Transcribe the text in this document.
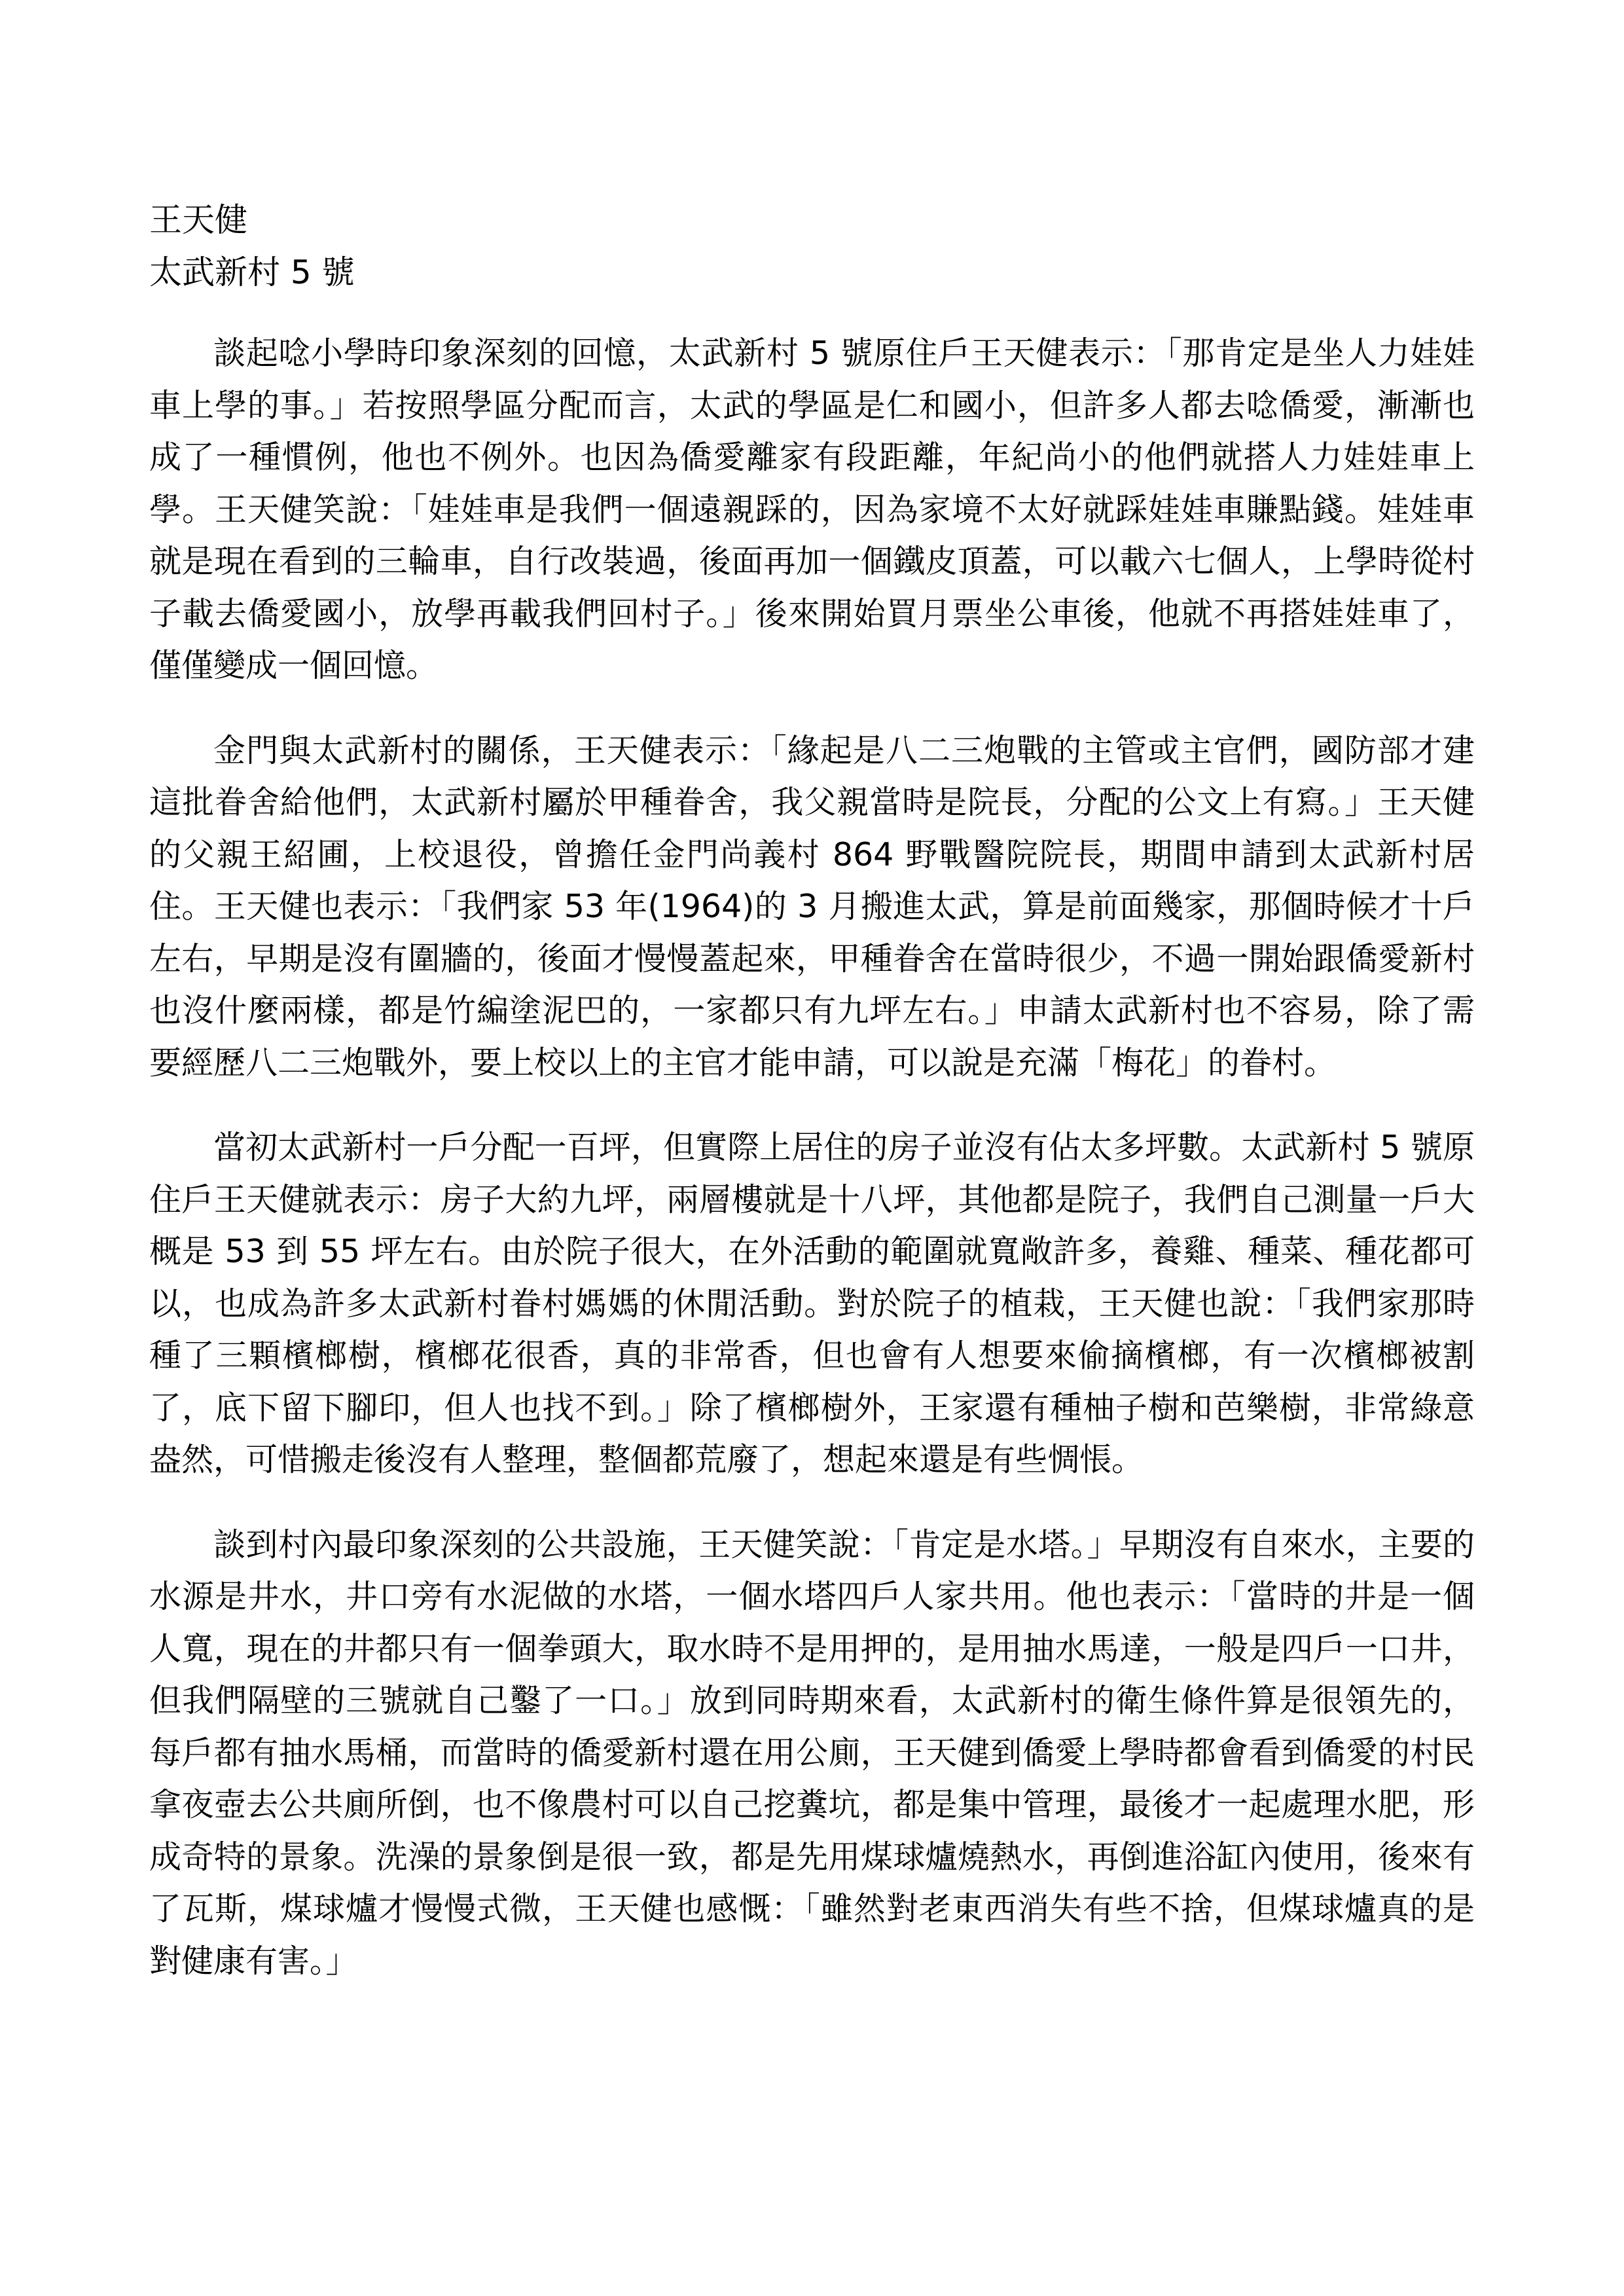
王天健

太武新村 5 號

談起唸小學時印象深刻的回憶，太武新村 5 號原住戶王天健表示：「那肯定是坐人力娃娃車上學的事。」若按照學區分配而言，太武的學區是仁和國小，但許多人都去唸僑愛，漸漸也成了一種慣例，他也不例外。也因為僑愛離家有段距離，年紀尚小的他們就搭人力娃娃車上學。王天健笑說：「娃娃車是我們一個遠親踩的，因為家境不太好就踩娃娃車賺點錢。娃娃車就是現在看到的三輪車，自行改裝過，後面再加一個鐵皮頂蓋，可以載六七個人，上學時從村子載去僑愛國小，放學再載我們回村子。」後來開始買月票坐公車後，他就不再搭娃娃車了，僅僅變成一個回憶。

金門與太武新村的關係，王天健表示：「緣起是八二三炮戰的主管或主官們，國防部才建這批眷舍給他們，太武新村屬於甲種眷舍，我父親當時是院長，分配的公文上有寫。」王天健的父親王紹圃，上校退役，曾擔任金門尚義村 864 野戰醫院院長，期間申請到太武新村居住。王天健也表示：「我們家 53 年(1964)的 3 月搬進太武，算是前面幾家，那個時候才十戶左右，早期是沒有圍牆的，後面才慢慢蓋起來，甲種眷舍在當時很少，不過一開始跟僑愛新村也沒什麼兩樣，都是竹編塗泥巴的，一家都只有九坪左右。」申請太武新村也不容易，除了需要經歷八二三炮戰外，要上校以上的主官才能申請，可以說是充滿「梅花」的眷村。

當初太武新村一戶分配一百坪，但實際上居住的房子並沒有佔太多坪數。太武新村 5 號原住戶王天健就表示：房子大約九坪，兩層樓就是十八坪，其他都是院子，我們自己測量一戶大概是 53 到 55 坪左右。由於院子很大，在外活動的範圍就寬敞許多，養雞、種菜、種花都可以，也成為許多太武新村眷村媽媽的休閒活動。對於院子的植栽，王天健也說：「我們家那時種了三顆檳榔樹，檳榔花很香，真的非常香，但也會有人想要來偷摘檳榔，有一次檳榔被割了，底下留下腳印，但人也找不到。」除了檳榔樹外，王家還有種柚子樹和芭樂樹，非常綠意盎然，可惜搬走後沒有人整理，整個都荒廢了，想起來還是有些惆悵。

談到村內最印象深刻的公共設施，王天健笑說：「肯定是水塔。」早期沒有自來水，主要的水源是井水，井口旁有水泥做的水塔，一個水塔四戶人家共用。他也表示：「當時的井是一個人寬，現在的井都只有一個拳頭大，取水時不是用押的，是用抽水馬達，一般是四戶一口井，但我們隔壁的三號就自己鑿了一口。」放到同時期來看，太武新村的衛生條件算是很領先的，每戶都有抽水馬桶，而當時的僑愛新村還在用公廁，王天健到僑愛上學時都會看到僑愛的村民拿夜壺去公共廁所倒，也不像農村可以自己挖糞坑，都是集中管理，最後才一起處理水肥，形成奇特的景象。洗澡的景象倒是很一致，都是先用煤球爐燒熱水，再倒進浴缸內使用，後來有了瓦斯，煤球爐才慢慢式微，王天健也感慨：「雖然對老東西消失有些不捨，但煤球爐真的是對健康有害。」
